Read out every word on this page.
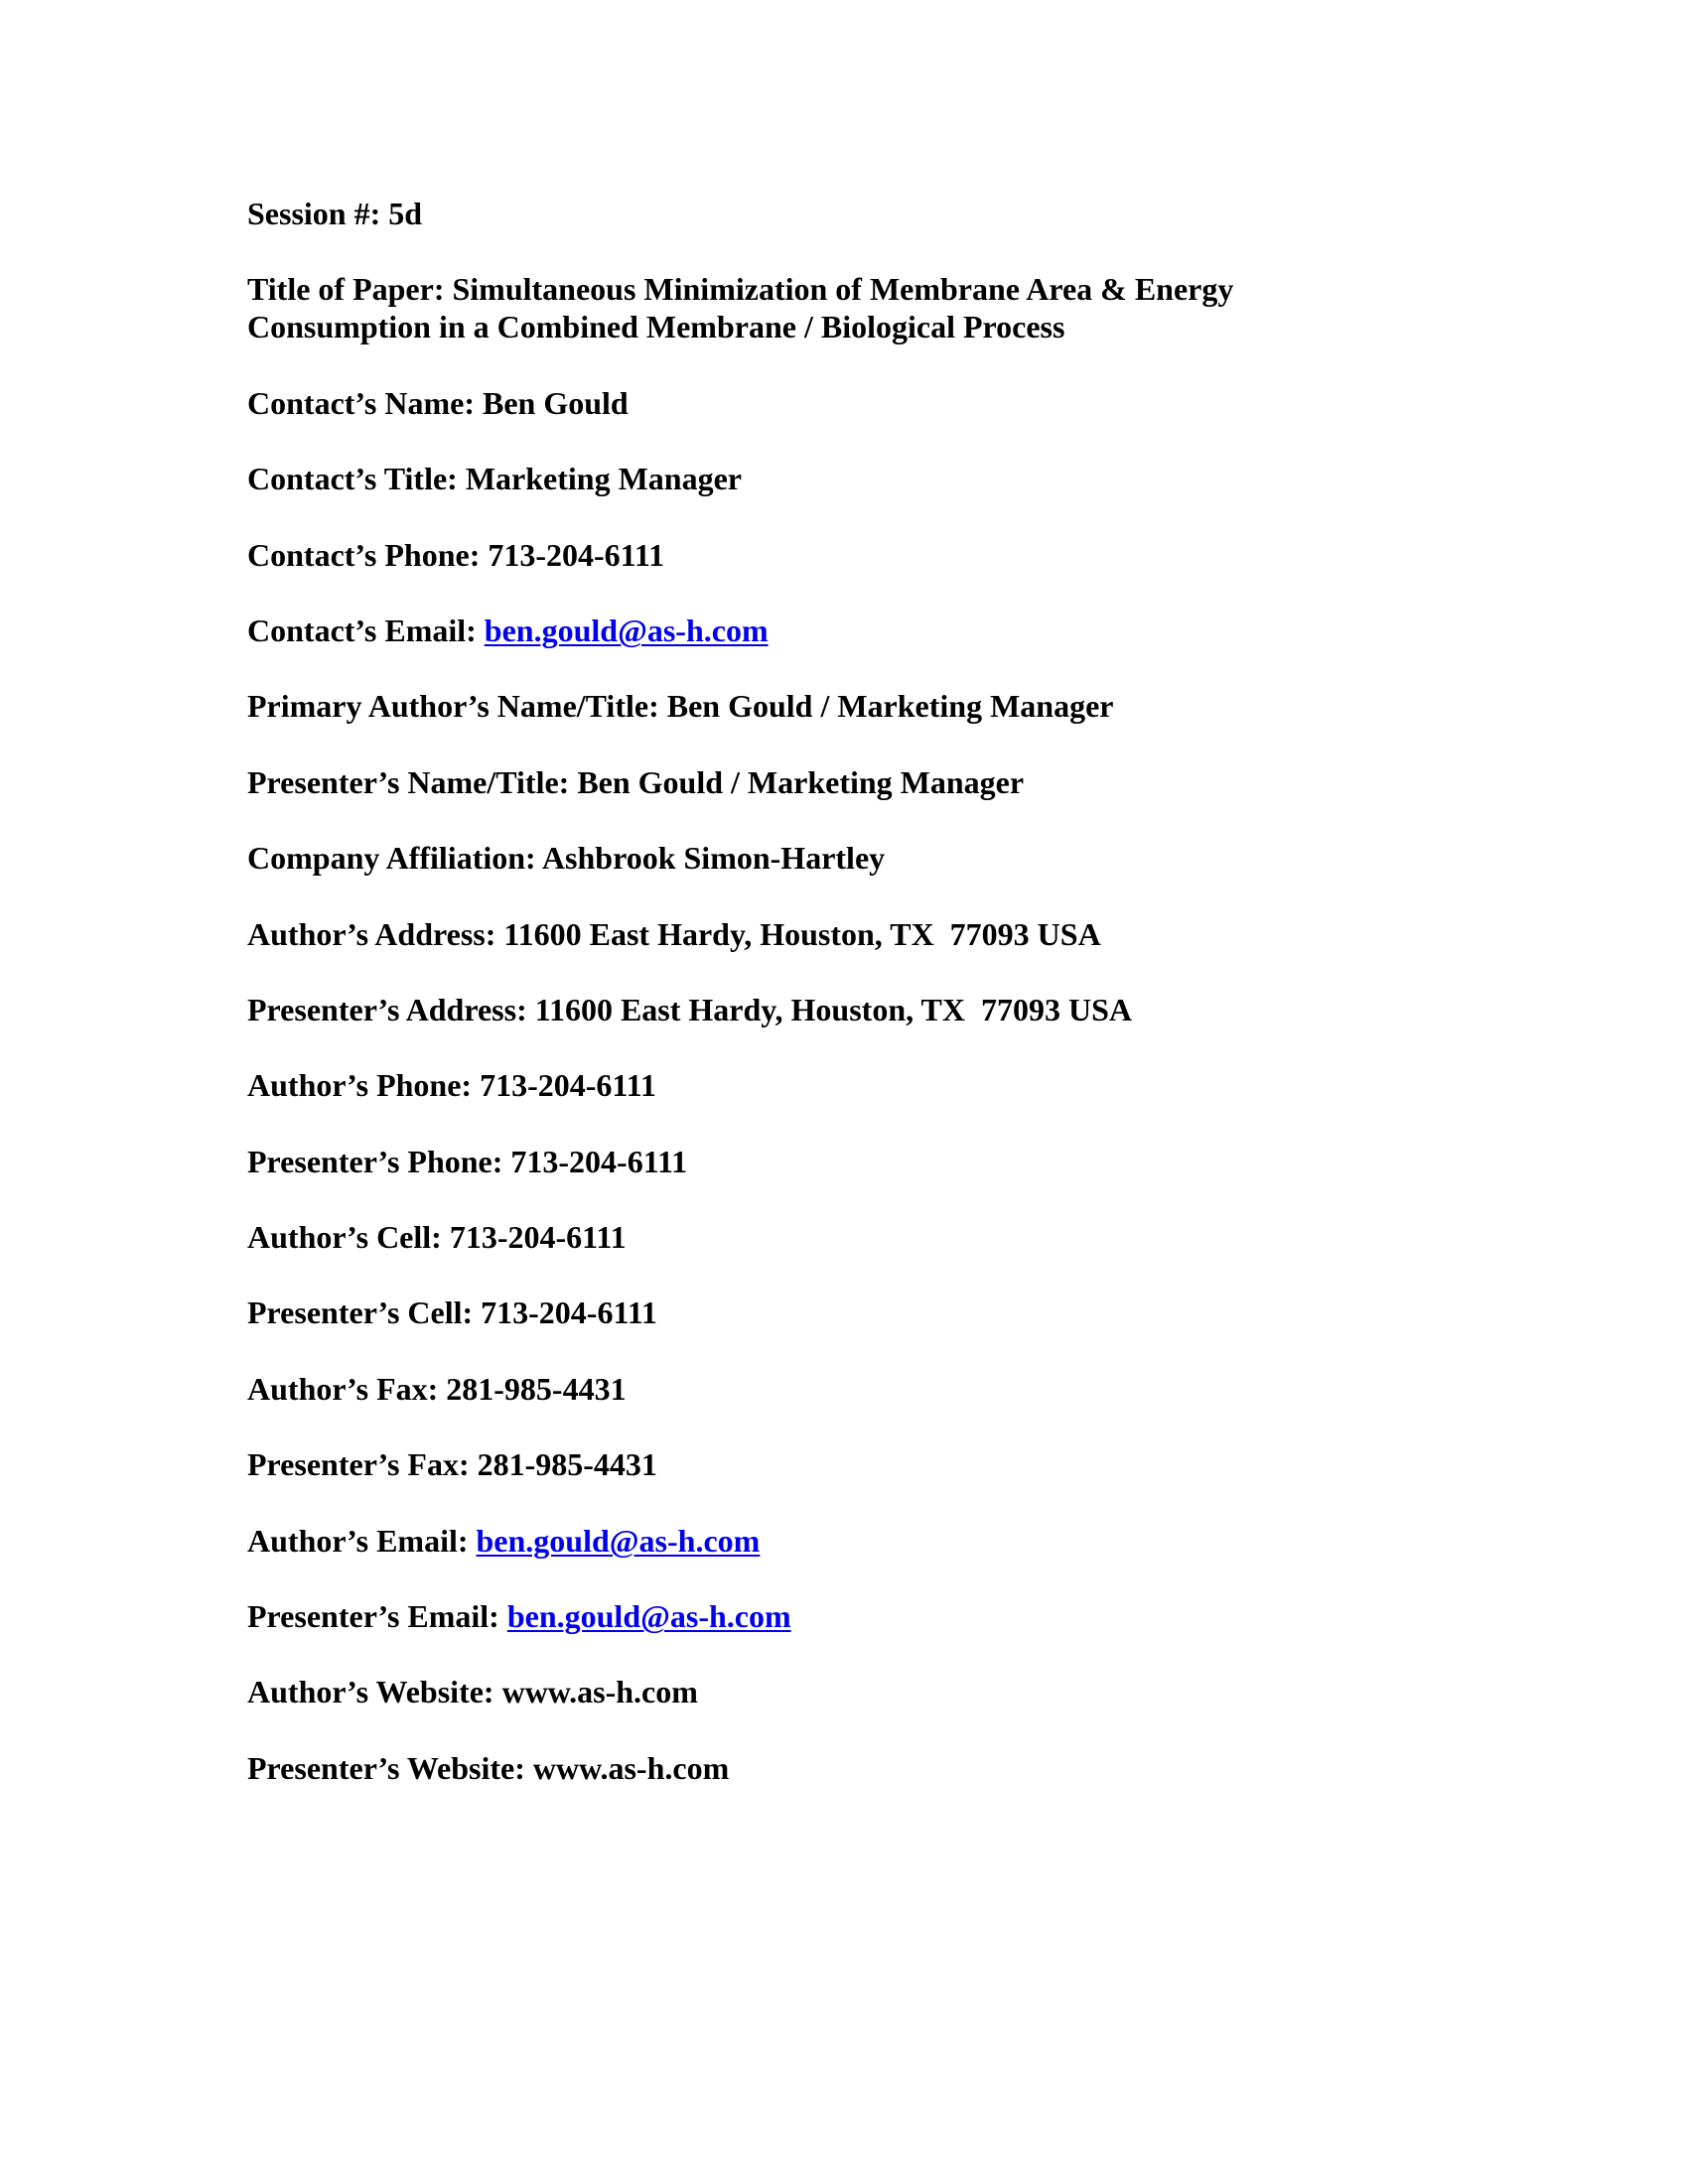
Session #: 5d
Title of Paper: Simultaneous Minimization of Membrane Area & Energy
Consumption in a Combined Membrane / Biological Process
Contact’s Name: Ben Gould
Contact’s Title: Marketing Manager
Contact’s Phone: 713-204-6111
Contact’s Email: ben.gould@as-h.com
Primary Author’s Name/Title: Ben Gould / Marketing Manager
Presenter’s Name/Title: Ben Gould / Marketing Manager
Company Affiliation: Ashbrook Simon-Hartley
Author’s Address: 11600 East Hardy, Houston, TX  77093 USA
Presenter’s Address: 11600 East Hardy, Houston, TX  77093 USA
Author’s Phone: 713-204-6111
Presenter’s Phone: 713-204-6111
Author’s Cell: 713-204-6111
Presenter’s Cell: 713-204-6111
Author’s Fax: 281-985-4431
Presenter’s Fax: 281-985-4431
Author’s Email: ben.gould@as-h.com
Presenter’s Email: ben.gould@as-h.com
Author’s Website: www.as-h.com
Presenter’s Website: www.as-h.com
